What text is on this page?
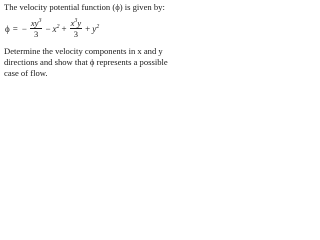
The velocity potential function (ϕ) is given by:
ϕ = − $\frac{xy^3}{3} - x^2 + \frac{x^3y}{3} + y^2$
Determine the velocity components in x and y
directions and show that ϕ represents a possible
case of flow.
